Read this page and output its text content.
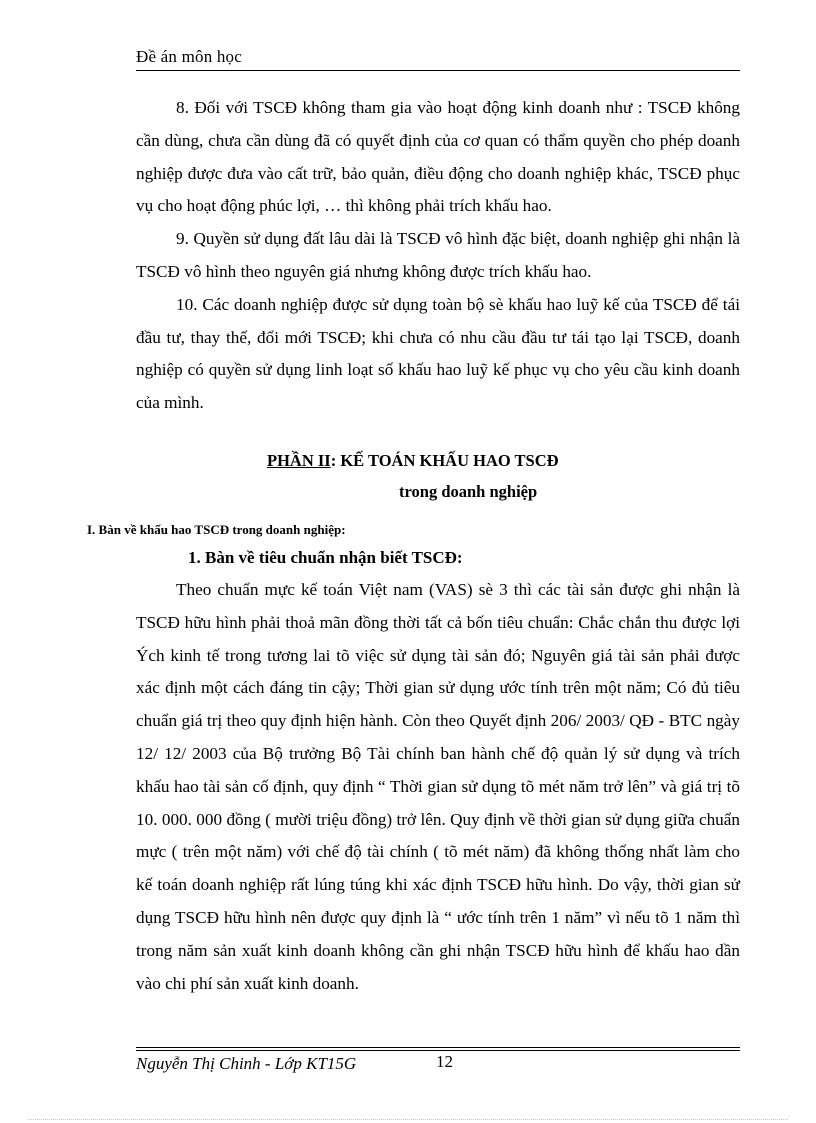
Đề án môn học

8. Đối với TSCĐ không tham gia vào hoạt động kinh doanh như : TSCĐ không cần dùng, chưa cần dùng đã có quyết định của cơ quan có thẩm quyền cho phép doanh nghiệp được đưa vào cất trữ, bảo quản, điều động cho doanh nghiệp khác, TSCĐ phục vụ cho hoạt động phúc lợi, … thì không phải trích khấu hao.

9. Quyền sử dụng đất lâu dài là TSCĐ vô hình đặc biệt, doanh nghiệp ghi nhận là TSCĐ vô hình theo nguyên giá nhưng không được trích khấu hao.

10. Các doanh nghiệp được sử dụng toàn bộ sè khấu hao luỹ kế của TSCĐ để tái đầu tư, thay thế, đổi mới TSCĐ; khi chưa có nhu cầu đầu tư tái tạo lại TSCĐ, doanh nghiệp có quyền sử dụng linh loạt số khấu hao luỹ kế phục vụ cho yêu cầu kinh doanh của mình.

PHẦN II: KẾ TOÁN KHẤU HAO TSCĐ
trong doanh nghiệp
I. Bàn về khấu hao TSCĐ trong doanh nghiệp:
1. Bàn về tiêu chuẩn nhận biết TSCĐ:

Theo chuẩn mực kế toán Việt nam (VAS) sè 3 thì các tài sản được ghi nhận là TSCĐ hữu hình phải thoả mãn đồng thời tất cả bốn tiêu chuẩn: Chắc chắn thu được lợi Ých kinh tế trong tương lai tõ việc sử dụng tài sản đó; Nguyên giá tài sản phải được xác định một cách đáng tin cậy; Thời gian sử dụng ước tính trên một năm; Có đủ tiêu chuẩn giá trị theo quy định hiện hành. Còn theo Quyết định 206/ 2003/ QĐ - BTC ngày 12/ 12/ 2003 của Bộ trưởng Bộ Tài chính ban hành chế độ quản lý sử dụng và trích khấu hao tài sản cố định, quy định “ Thời gian sử dụng tõ mét năm trở lên” và giá trị tõ 10. 000. 000 đồng ( mười triệu đồng) trở lên. Quy định về thời gian sử dụng giữa chuẩn mực ( trên một năm) với chế độ tài chính ( tõ mét năm) đã không thống nhất làm cho kế toán doanh nghiệp rất lúng túng khi xác định TSCĐ hữu hình. Do vậy, thời gian sử dụng TSCĐ hữu hình nên được quy định là “ ước tính trên 1 năm” vì nếu tõ 1 năm thì trong năm sản xuất kinh doanh không cần ghi nhận TSCĐ hữu hình để khấu hao dần vào chi phí sản xuất kinh doanh.

Nguyễn Thị Chinh - Lớp KT15G	12
